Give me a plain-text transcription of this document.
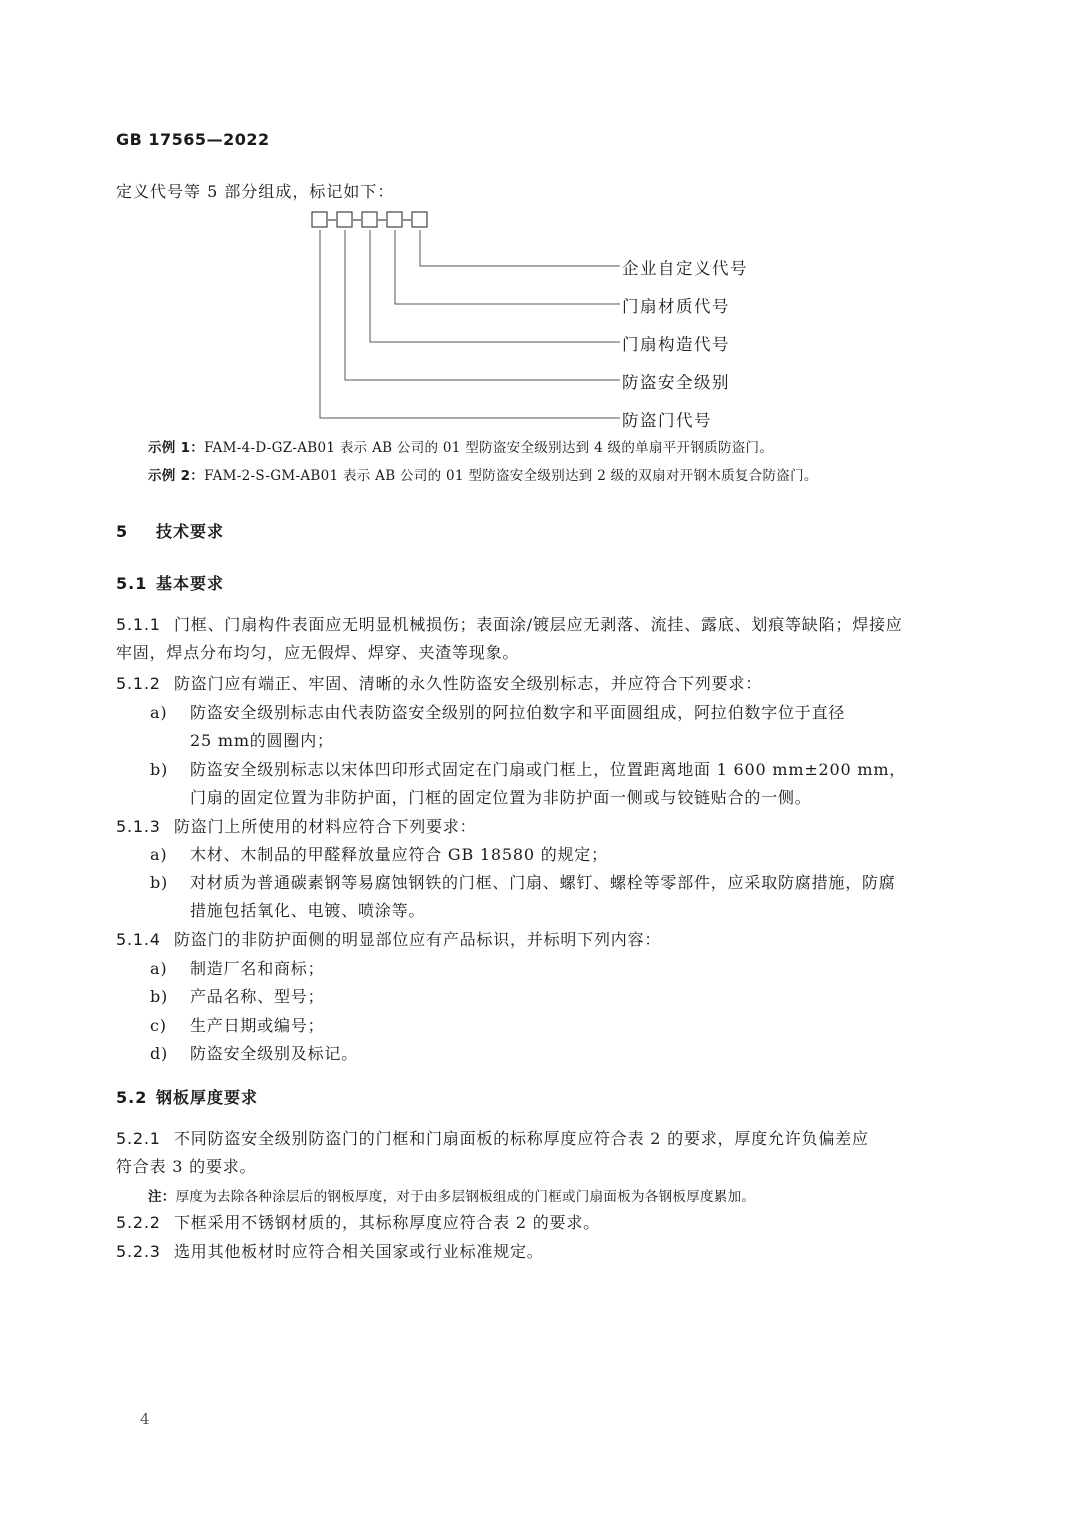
GB 17565—2022
定义代号等 5 部分组成，标记如下：
企业自定义代号
门扇材质代号
门扇构造代号
防盗安全级别
防盗门代号
示例 1：FAM-4-D-GZ-AB01 表示 AB 公司的 01 型防盗安全级别达到 4 级的单扇平开钢质防盗门。
示例 2：FAM-2-S-GM-AB01 表示 AB 公司的 01 型防盗安全级别达到 2 级的双扇对开钢木质复合防盗门。
5 技术要求
5.1 基本要求
5.1.1 门框、门扇构件表面应无明显机械损伤；表面涂/镀层应无剥落、流挂、露底、划痕等缺陷；焊接应
牢固，焊点分布均匀，应无假焊、焊穿、夹渣等现象。
5.1.2 防盗门应有端正、牢固、清晰的永久性防盗安全级别标志，并应符合下列要求：
a) 防盗安全级别标志由代表防盗安全级别的阿拉伯数字和平面圆组成，阿拉伯数字位于直径
25 mm的圆圈内；
b) 防盗安全级别标志以宋体凹印形式固定在门扇或门框上，位置距离地面 1 600 mm±200 mm，
门扇的固定位置为非防护面，门框的固定位置为非防护面一侧或与铰链贴合的一侧。
5.1.3 防盗门上所使用的材料应符合下列要求：
a) 木材、木制品的甲醛释放量应符合 GB 18580 的规定；
b) 对材质为普通碳素钢等易腐蚀钢铁的门框、门扇、螺钉、螺栓等零部件，应采取防腐措施，防腐
措施包括氧化、电镀、喷涂等。
5.1.4 防盗门的非防护面侧的明显部位应有产品标识，并标明下列内容：
a) 制造厂名和商标；
b) 产品名称、型号；
c) 生产日期或编号；
d) 防盗安全级别及标记。
5.2 钢板厚度要求
5.2.1 不同防盗安全级别防盗门的门框和门扇面板的标称厚度应符合表 2 的要求，厚度允许负偏差应
符合表 3 的要求。
注：厚度为去除各种涂层后的钢板厚度，对于由多层钢板组成的门框或门扇面板为各钢板厚度累加。
5.2.2 下框采用不锈钢材质的，其标称厚度应符合表 2 的要求。
5.2.3 选用其他板材时应符合相关国家或行业标准规定。
4
